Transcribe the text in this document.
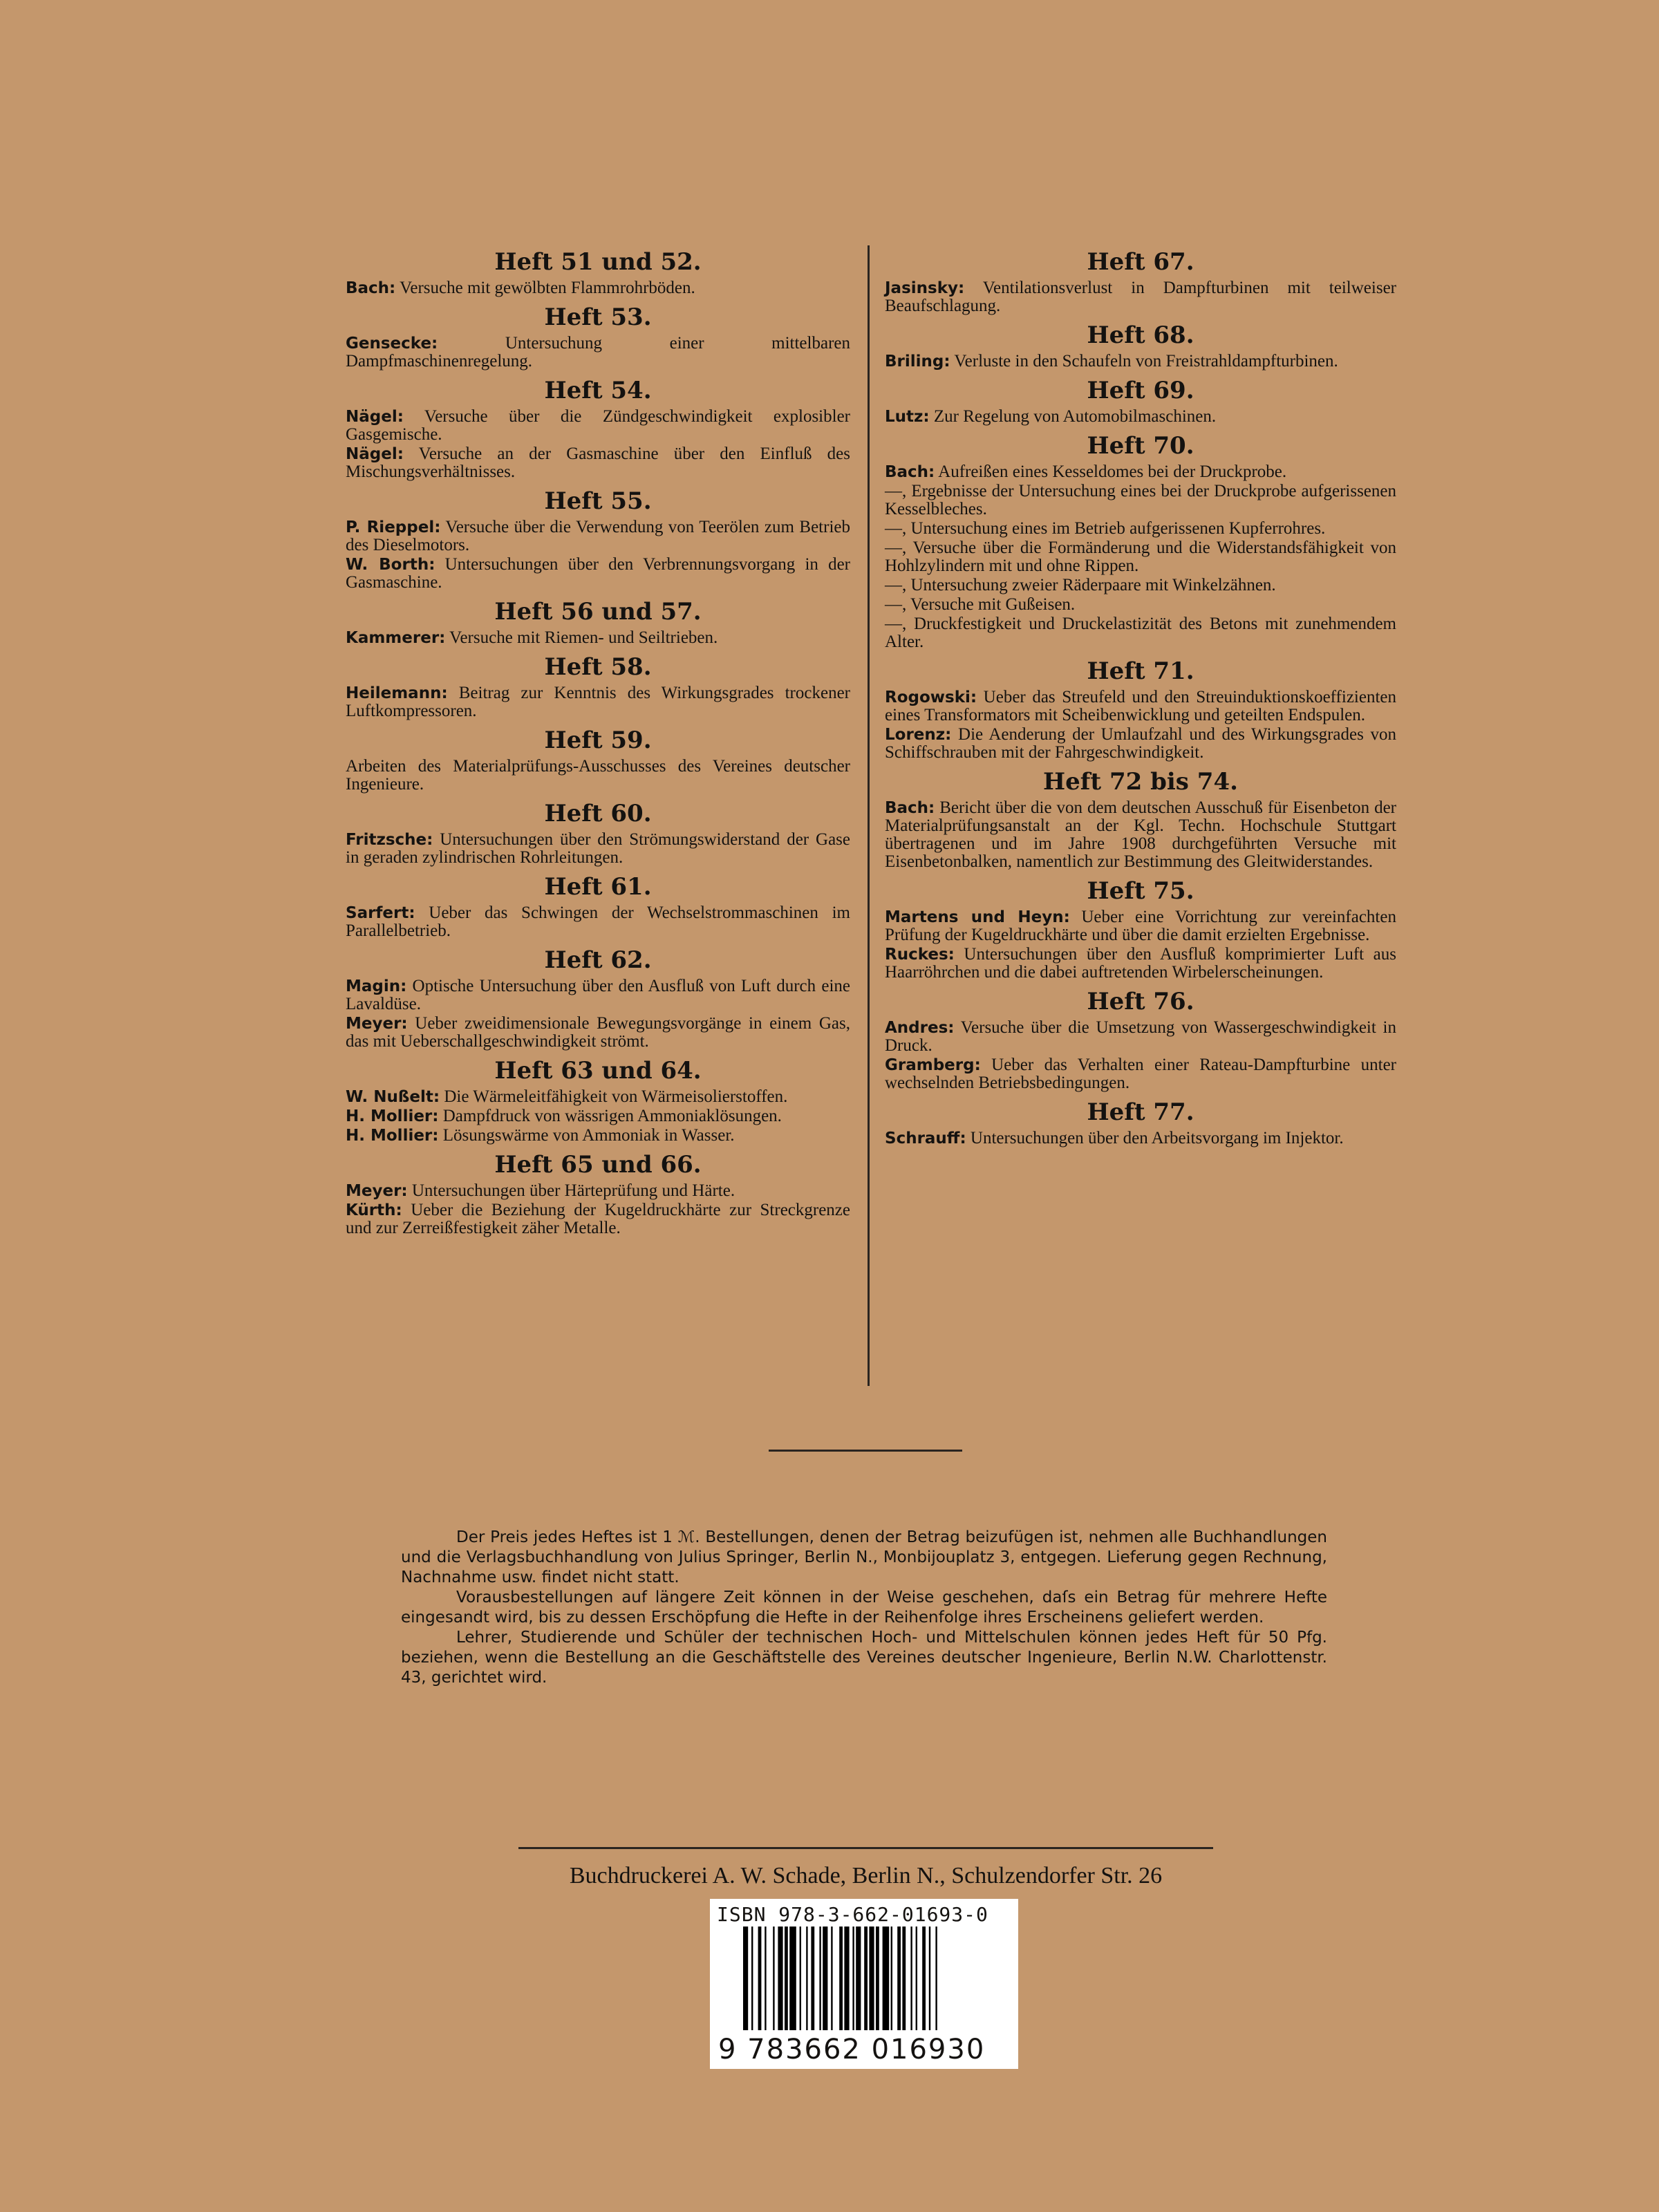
Heft 51 und 52.
Bach: Versuche mit gewölbten Flammrohrböden.
Heft 53.
Gensecke: Untersuchung einer mittelbaren Dampfmaschinenregelung.
Heft 54.
Nägel: Versuche über die Zündgeschwindigkeit explosibler Gasgemische.
Nägel: Versuche an der Gasmaschine über den Einfluß des Mischungsverhältnisses.
Heft 55.
P. Rieppel: Versuche über die Verwendung von Teerölen zum Betrieb des Dieselmotors.
W. Borth: Untersuchungen über den Verbrennungsvorgang in der Gasmaschine.
Heft 56 und 57.
Kammerer: Versuche mit Riemen- und Seiltrieben.
Heft 58.
Heilemann: Beitrag zur Kenntnis des Wirkungsgrades trockener Luftkompressoren.
Heft 59.
Arbeiten des Materialprüfungs-Ausschusses des Vereines deutscher Ingenieure.
Heft 60.
Fritzsche: Untersuchungen über den Strömungswiderstand der Gase in geraden zylindrischen Rohrleitungen.
Heft 61.
Sarfert: Ueber das Schwingen der Wechselstrommaschinen im Parallelbetrieb.
Heft 62.
Magin: Optische Untersuchung über den Ausfluß von Luft durch eine Lavaldüse.
Meyer: Ueber zweidimensionale Bewegungsvorgänge in einem Gas, das mit Ueberschallgeschwindigkeit strömt.
Heft 63 und 64.
W. Nußelt: Die Wärmeleitfähigkeit von Wärmeisolierstoffen.
H. Mollier: Dampfdruck von wässrigen Ammoniaklösungen.
H. Mollier: Lösungswärme von Ammoniak in Wasser.
Heft 65 und 66.
Meyer: Untersuchungen über Härteprüfung und Härte.
Kürth: Ueber die Beziehung der Kugeldruckhärte zur Streckgrenze und zur Zerreißfestigkeit zäher Metalle.
Heft 67.
Jasinsky: Ventilationsverlust in Dampfturbinen mit teilweiser Beaufschlagung.
Heft 68.
Briling: Verluste in den Schaufeln von Freistrahldampfturbinen.
Heft 69.
Lutz: Zur Regelung von Automobilmaschinen.
Heft 70.
Bach: Aufreißen eines Kesseldomes bei der Druckprobe.
—, Ergebnisse der Untersuchung eines bei der Druckprobe aufgerissenen Kesselbleches.
—, Untersuchung eines im Betrieb aufgerissenen Kupferrohres.
—, Versuche über die Formänderung und die Widerstandsfähigkeit von Hohlzylindern mit und ohne Rippen.
—, Untersuchung zweier Räderpaare mit Winkelzähnen.
—, Versuche mit Gußeisen.
—, Druckfestigkeit und Druckelastizität des Betons mit zunehmendem Alter.
Heft 71.
Rogowski: Ueber das Streufeld und den Streuinduktionskoeffizienten eines Transformators mit Scheibenwicklung und geteilten Endspulen.
Lorenz: Die Aenderung der Umlaufzahl und des Wirkungsgrades von Schiffschrauben mit der Fahrgeschwindigkeit.
Heft 72 bis 74.
Bach: Bericht über die von dem deutschen Ausschuß für Eisenbeton der Materialprüfungsanstalt an der Kgl. Techn. Hochschule Stuttgart übertragenen und im Jahre 1908 durchgeführten Versuche mit Eisenbetonbalken, namentlich zur Bestimmung des Gleitwiderstandes.
Heft 75.
Martens und Heyn: Ueber eine Vorrichtung zur vereinfachten Prüfung der Kugeldruckhärte und über die damit erzielten Ergebnisse.
Ruckes: Untersuchungen über den Ausfluß komprimierter Luft aus Haarröhrchen und die dabei auftretenden Wirbelerscheinungen.
Heft 76.
Andres: Versuche über die Umsetzung von Wassergeschwindigkeit in Druck.
Gramberg: Ueber das Verhalten einer Rateau-Dampfturbine unter wechselnden Betriebsbedingungen.
Heft 77.
Schrauff: Untersuchungen über den Arbeitsvorgang im Injektor.

Der Preis jedes Heftes ist 1 ℳ. Bestellungen, denen der Betrag beizufügen ist, nehmen alle Buchhandlungen und die Verlagsbuchhandlung von Julius Springer, Berlin N., Monbijouplatz 3, entgegen. Lieferung gegen Rechnung, Nachnahme usw. findet nicht statt.

Vorausbestellungen auf längere Zeit können in der Weise geschehen, daſs ein Betrag für mehrere Hefte eingesandt wird, bis zu dessen Erschöpfung die Hefte in der Reihenfolge ihres Erscheinens geliefert werden.

Lehrer, Studierende und Schüler der technischen Hoch- und Mittelschulen können jedes Heft für 50 Pfg. beziehen, wenn die Bestellung an die Geschäftstelle des Vereines deutscher Ingenieure, Berlin N.W. Charlottenstr. 43, gerichtet wird.

Buchdruckerei A. W. Schade, Berlin N., Schulzendorfer Str. 26
ISBN 978-3-662-01693-0
9 783662 016930
